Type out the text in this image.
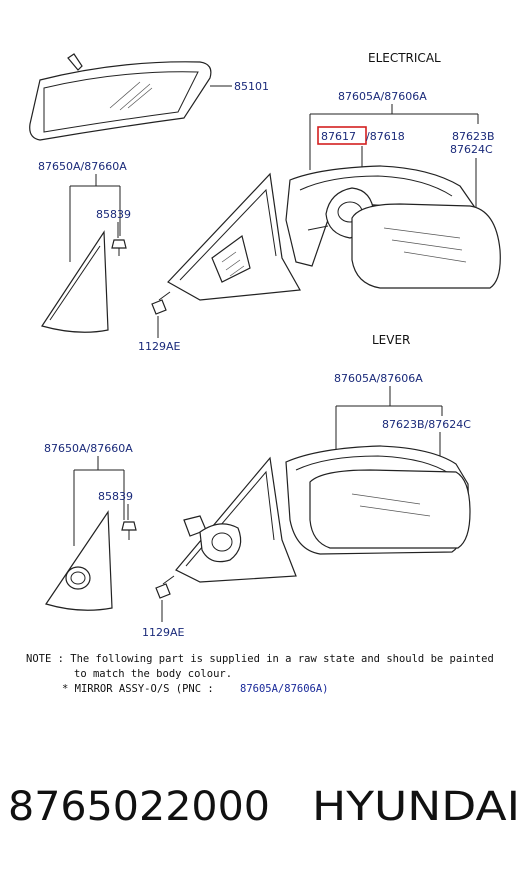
85101
ELECTRICAL
87605A/87606A
87617 /87618	87623B
87624C
87650A/87660A
85839
1129AE	LEVER
87605A/87606A
87623B/87624C
87650A/87660A
85839
1129AE
NOTE : The following part is supplied in a raw state and should be painted
to match the body colour.
* MIRROR ASSY-O/S (PNC :	87605A/87606A)
8765022000 HYUNDAI
